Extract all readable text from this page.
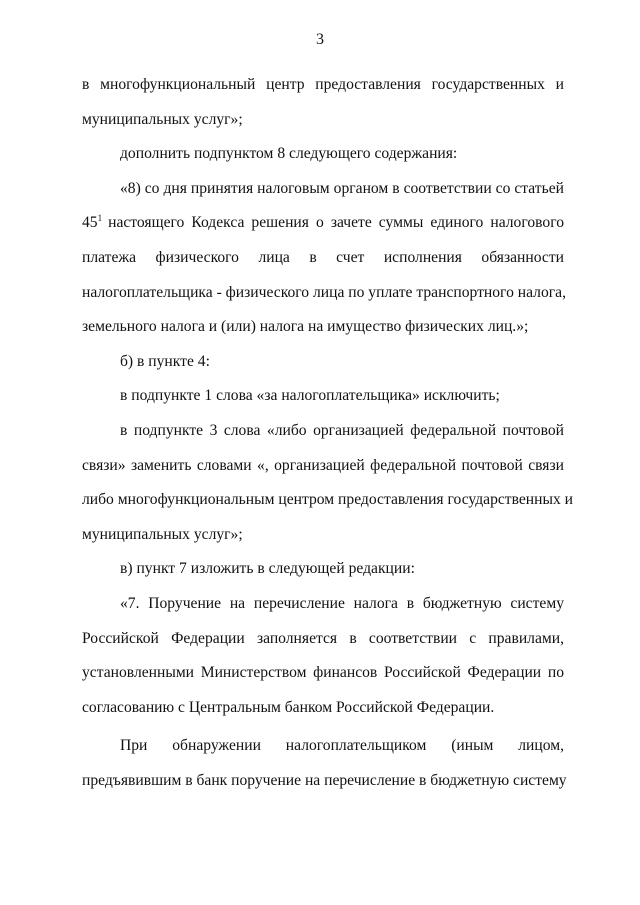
3
в многофункциональный центр предоставления государственных и
муниципальных услуг»;
дополнить подпунктом 8 следующего содержания:
«8) со дня принятия налоговым органом в соответствии со статьей
$45^1$ настоящего Кодекса решения о зачете суммы единого налогового
платежа физического лица в счет исполнения обязанности
налогоплательщика - физического лица по уплате транспортного налога,
земельного налога и (или) налога на имущество физических лиц.»;
б) в пункте 4:
в подпункте 1 слова «за налогоплательщика» исключить;
в подпункте 3 слова «либо организацией федеральной почтовой
связи» заменить словами «, организацией федеральной почтовой связи
либо многофункциональным центром предоставления государственных и
муниципальных услуг»;
в) пункт 7 изложить в следующей редакции:
«7. Поручение на перечисление налога в бюджетную систему
Российской Федерации заполняется в соответствии с правилами,
установленными Министерством финансов Российской Федерации по
согласованию с Центральным банком Российской Федерации.
При обнаружении налогоплательщиком (иным лицом,
предъявившим в банк поручение на перечисление в бюджетную систему
